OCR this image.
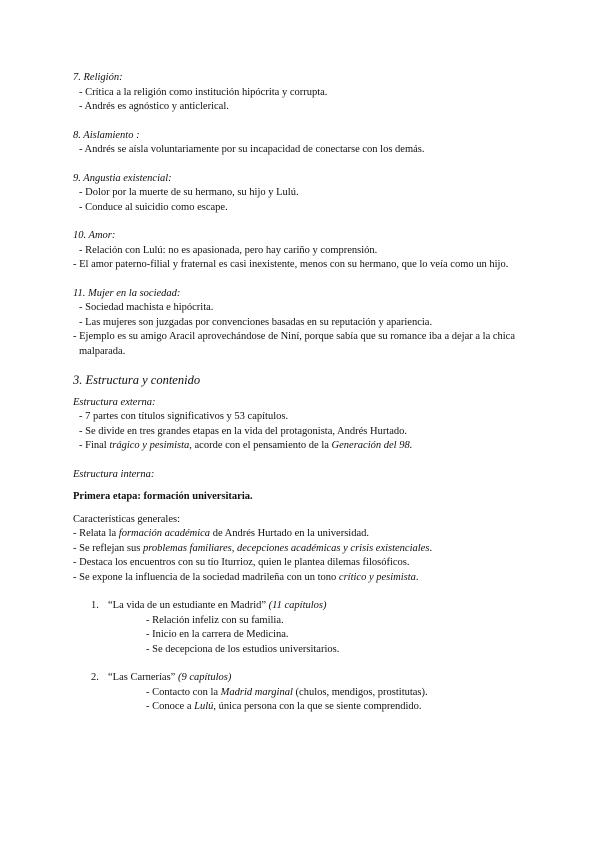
7. Religión:
- Crítica a la religión como institución hipócrita y corrupta.
- Andrés es agnóstico y anticlerical.
8. Aislamiento :
- Andrés se aísla voluntariamente por su incapacidad de conectarse con los demás.
9. Angustia existencial:
- Dolor por la muerte de su hermano, su hijo y Lulú.
- Conduce al suicidio como escape.
10. Amor:
- Relación con Lulú: no es apasionada, pero hay cariño y comprensión.
- El amor paterno-filial y fraternal es casi inexistente, menos con su hermano, que lo veía como un hijo.
11. Mujer en la sociedad:
- Sociedad machista e hipócrita.
- Las mujeres son juzgadas por convenciones basadas en su reputación y apariencia.
- Ejemplo es su amigo Aracil aprovechándose de Niní, porque sabía que su romance iba a dejar a la chica malparada.
3. Estructura y contenido
Estructura externa:
- 7 partes con títulos significativos y 53 capítulos.
- Se divide en tres grandes etapas en la vida del protagonista, Andrés Hurtado.
- Final trágico y pesimista, acorde con el pensamiento de la Generación del 98.
Estructura interna:
Primera etapa: formación universitaria.
Características generales:
- Relata la formación académica de Andrés Hurtado en la universidad.
- Se reflejan sus problemas familiares, decepciones académicas y crisis existenciales.
- Destaca los encuentros con su tío Iturrioz, quien le plantea dilemas filosóficos.
- Se expone la influencia de la sociedad madrileña con un tono crítico y pesimista.
1. “La vida de un estudiante en Madrid” (11 capítulos)
- Relación infeliz con su familia.
- Inicio en la carrera de Medicina.
- Se decepciona de los estudios universitarios.
2. “Las Carnerías” (9 capítulos)
- Contacto con la Madrid marginal (chulos, mendigos, prostitutas).
- Conoce a Lulú, única persona con la que se siente comprendido.
